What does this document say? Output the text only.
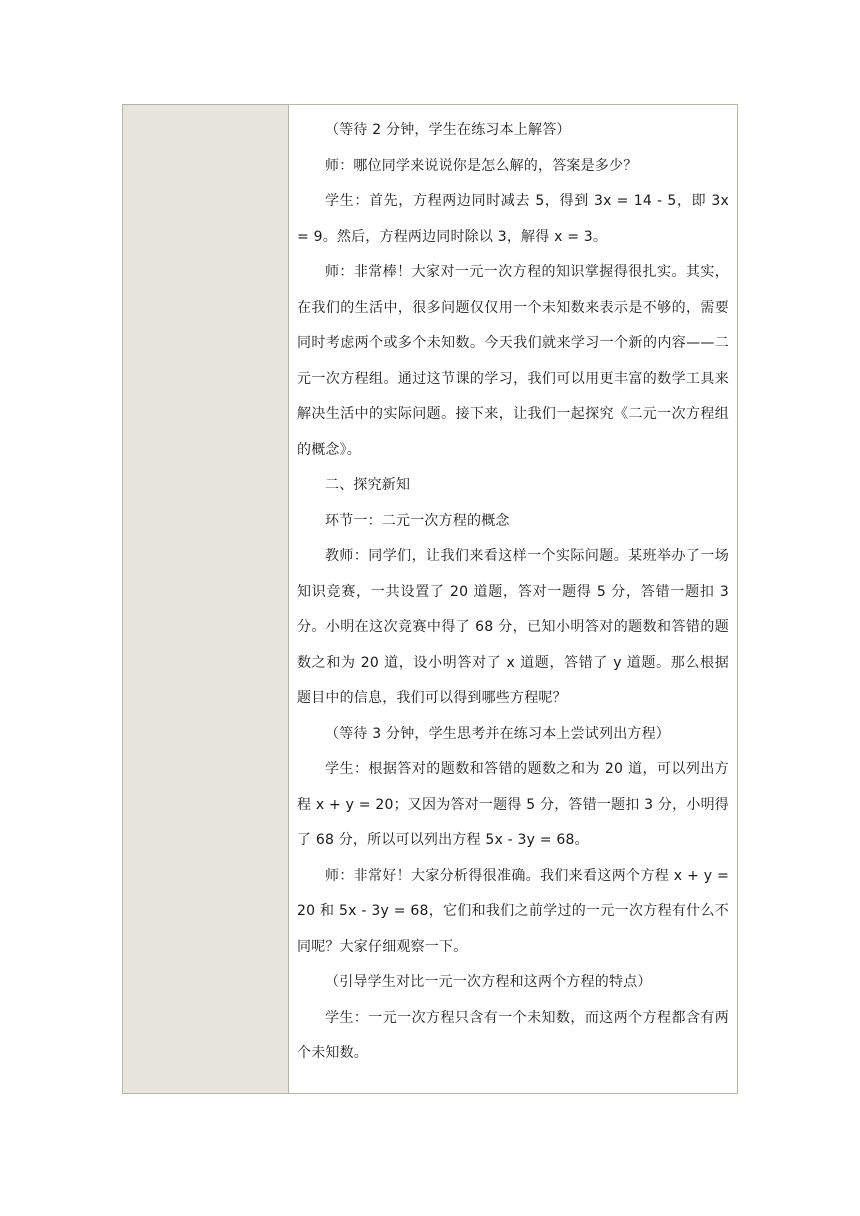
（等待 2 分钟，学生在练习本上解答）

师：哪位同学来说说你是怎么解的，答案是多少？

学生：首先，方程两边同时减去 5，得到 3x = 14 - 5，即 3x = 9。然后，方程两边同时除以 3，解得 x = 3。

师：非常棒！大家对一元一次方程的知识掌握得很扎实。其实，在我们的生活中，很多问题仅仅用一个未知数来表示是不够的，需要同时考虑两个或多个未知数。今天我们就来学习一个新的内容——二元一次方程组。通过这节课的学习，我们可以用更丰富的数学工具来解决生活中的实际问题。接下来，让我们一起探究《二元一次方程组的概念》。

二、探究新知

环节一：二元一次方程的概念

教师：同学们，让我们来看这样一个实际问题。某班举办了一场知识竞赛，一共设置了 20 道题，答对一题得 5 分，答错一题扣 3 分。小明在这次竞赛中得了 68 分，已知小明答对的题数和答错的题数之和为 20 道，设小明答对了 x 道题，答错了 y 道题。那么根据题目中的信息，我们可以得到哪些方程呢？

（等待 3 分钟，学生思考并在练习本上尝试列出方程）

学生：根据答对的题数和答错的题数之和为 20 道，可以列出方程 x + y = 20；又因为答对一题得 5 分，答错一题扣 3 分，小明得了 68 分，所以可以列出方程 5x - 3y = 68。

师：非常好！大家分析得很准确。我们来看这两个方程 x + y = 20 和 5x - 3y = 68，它们和我们之前学过的一元一次方程有什么不同呢？大家仔细观察一下。

（引导学生对比一元一次方程和这两个方程的特点）

学生：一元一次方程只含有一个未知数，而这两个方程都含有两个未知数。
